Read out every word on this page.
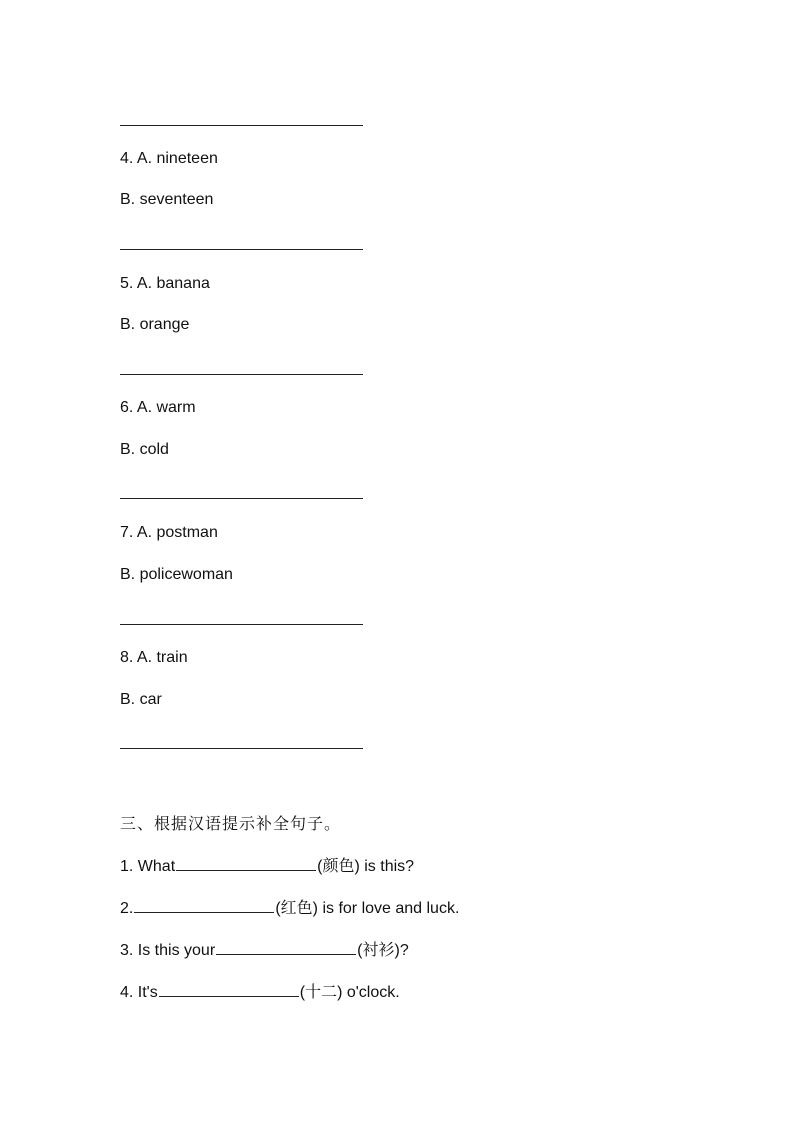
4. A. nineteen
B. seventeen
5. A. banana
B. orange
6. A. warm
B. cold
7. A. postman
B. policewoman
8. A. train
B. car
三、根据汉语提示补全句子。
1. What	(颜色) is this?
2.	(红色) is for love and luck.
3. Is this your	(衬衫)?
4. It's	(十二) o'clock.
